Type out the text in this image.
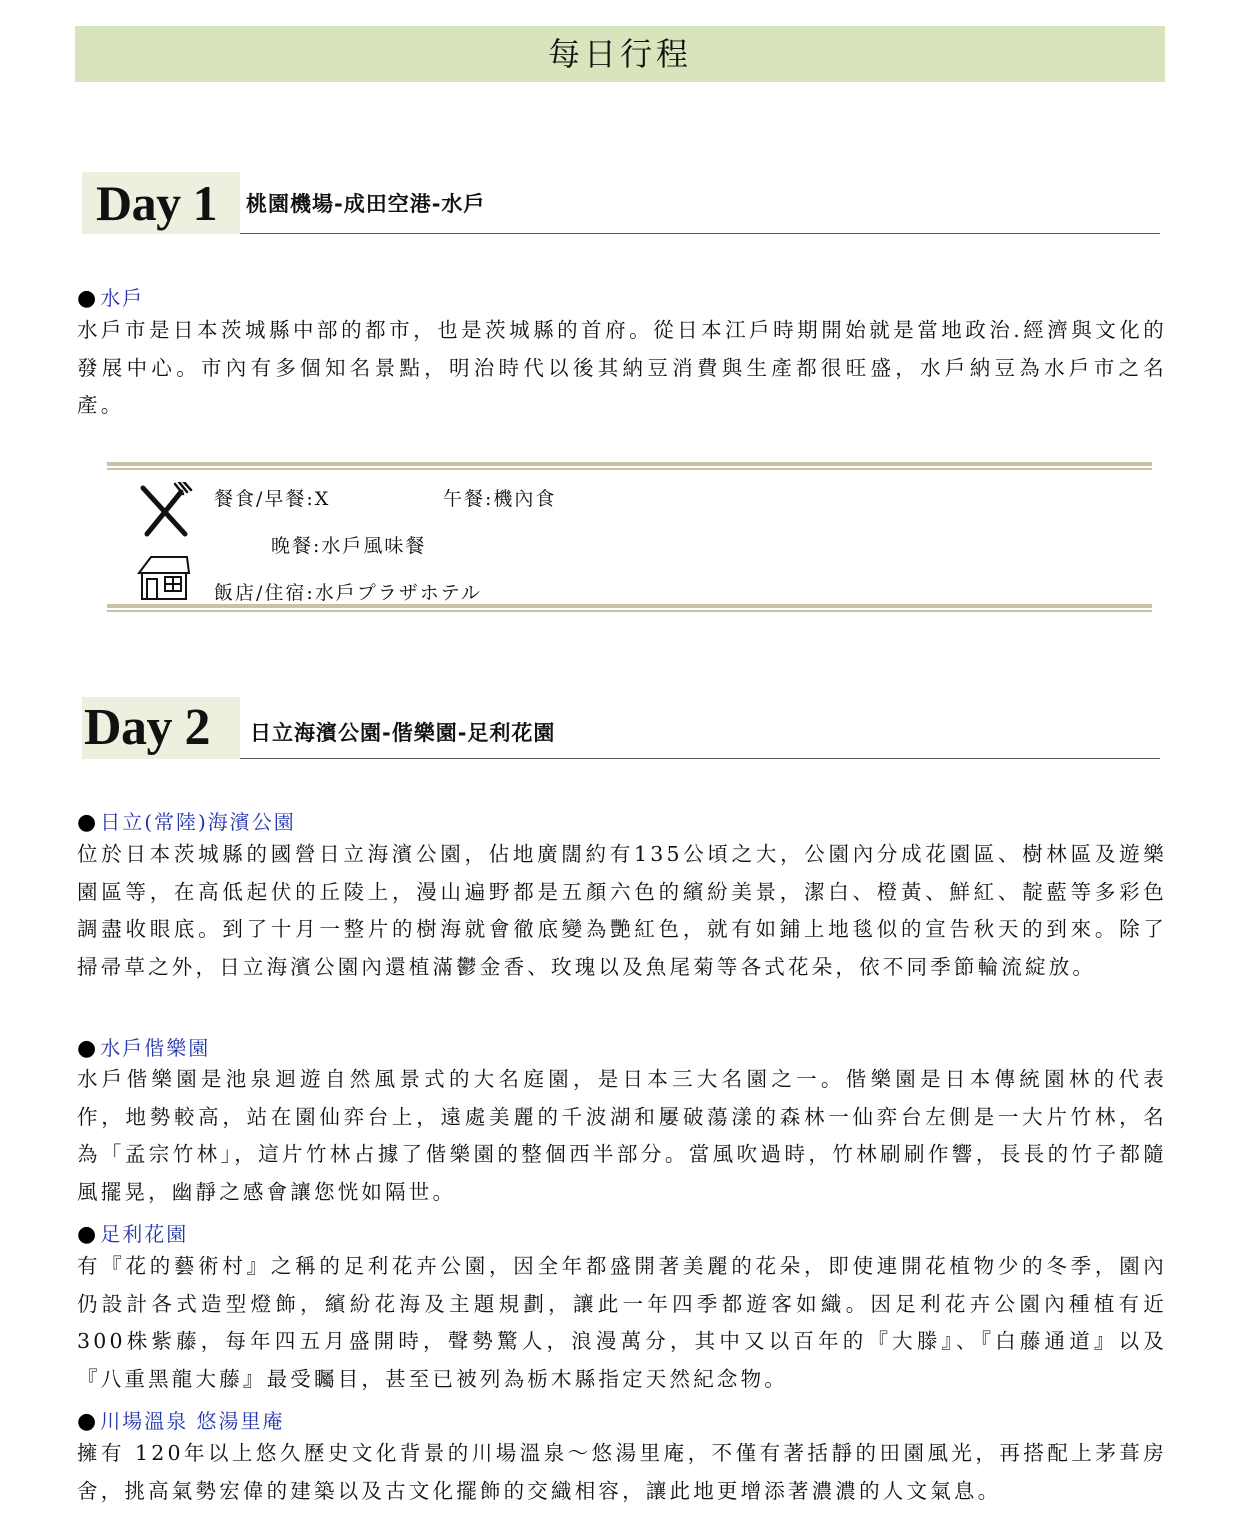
每日行程
Day 1	桃園機場-成田空港-水戶
● 水戶
水戶市是日本茨城縣中部的都市，也是茨城縣的首府。從日本江戶時期開始就是當地政治.經濟與文化的發展中心。市內有多個知名景點，明治時代以後其納豆消費與生產都很旺盛，水戶納豆為水戶市之名產。
餐食/早餐:X	午餐:機內食
晚餐:水戶風味餐
飯店/住宿:水戶プラザホテル
Day 2	日立海濱公園-偕樂園-足利花園
● 日立(常陸)海濱公園
位於日本茨城縣的國營日立海濱公園，佔地廣闊約有135公頃之大，公園內分成花園區、樹林區及遊樂園區等，在高低起伏的丘陵上，漫山遍野都是五顏六色的繽紛美景，潔白、橙黃、鮮紅、靛藍等多彩色調盡收眼底。到了十月一整片的樹海就會徹底變為艷紅色，就有如鋪上地毯似的宣告秋天的到來。除了掃帚草之外，日立海濱公園內還植滿鬱金香、玫瑰以及魚尾菊等各式花朵，依不同季節輪流綻放。
● 水戶偕樂園
水戶偕樂園是池泉迴遊自然風景式的大名庭園，是日本三大名園之一。偕樂園是日本傳統園林的代表作，地勢較高，站在園仙弈台上，遠處美麗的千波湖和屢破蕩漾的森林一仙弈台左側是一大片竹林，名為「孟宗竹林」，這片竹林占據了偕樂園的整個西半部分。當風吹過時，竹林刷刷作響，長長的竹子都隨風擺晃，幽靜之感會讓您恍如隔世。
● 足利花園
有『花的藝術村』之稱的足利花卉公園，因全年都盛開著美麗的花朵，即使連開花植物少的冬季，園內仍設計各式造型燈飾，繽紛花海及主題規劃，讓此一年四季都遊客如織。因足利花卉公園內種植有近300株紫藤，每年四五月盛開時，聲勢驚人，浪漫萬分，其中又以百年的『大滕』、『白藤通道』以及『八重黑龍大藤』最受矚目，甚至已被列為栃木縣指定天然紀念物。
● 川場溫泉 悠湯里庵
擁有 120年以上悠久歷史文化背景的川場溫泉～悠湯里庵，不僅有著括靜的田園風光，再搭配上茅葺房舍，挑高氣勢宏偉的建築以及古文化擺飾的交織相容，讓此地更增添著濃濃的人文氣息。
